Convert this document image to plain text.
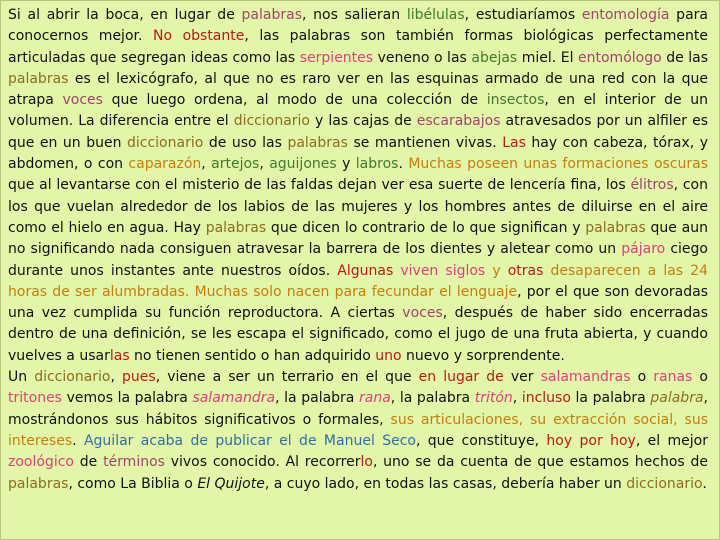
Si al abrir la boca, en lugar de palabras, nos salieran libélulas, estudiaríamos entomología para conocernos mejor. No obstante, las palabras son también formas biológicas perfectamente articuladas que segregan ideas como las serpientes veneno o las abejas miel. El entomólogo de las palabras es el lexicógrafo, al que no es raro ver en las esquinas armado de una red con la que atrapa voces que luego ordena, al modo de una colección de insectos, en el interior de un volumen. La diferencia entre el diccionario y las cajas de escarabajos atravesados por un alfiler es que en un buen diccionario de uso las palabras se mantienen vivas. Las hay con cabeza, tórax, y abdomen, o con caparazón, artejos, aguijones y labros. Muchas poseen unas formaciones oscuras que al levantarse con el misterio de las faldas dejan ver esa suerte de lencería fina, los élitros, con los que vuelan alrededor de los labios de las mujeres y los hombres antes de diluirse en el aire como el hielo en agua. Hay palabras que dicen lo contrario de lo que significan y palabras que aun no significando nada consiguen atravesar la barrera de los dientes y aletear como un pájaro ciego durante unos instantes ante nuestros oídos. Algunas viven siglos y otras desaparecen a las 24 horas de ser alumbradas. Muchas solo nacen para fecundar el lenguaje, por el que son devoradas una vez cumplida su función reproductora. A ciertas voces, después de haber sido encerradas dentro de una definición, se les escapa el significado, como el jugo de una fruta abierta, y cuando vuelves a usarlas no tienen sentido o han adquirido uno nuevo y sorprendente.

Un diccionario, pues, viene a ser un terrario en el que en lugar de ver salamandras o ranas o tritones vemos la palabra salamandra, la palabra rana, la palabra tritón, incluso la palabra palabra, mostrándonos sus hábitos significativos o formales, sus articulaciones, su extracción social, sus intereses. Aguilar acaba de publicar el de Manuel Seco, que constituye, hoy por hoy, el mejor zoológico de términos vivos conocido. Al recorrerlo, uno se da cuenta de que estamos hechos de palabras, como La Biblia o El Quijote, a cuyo lado, en todas las casas, debería haber un diccionario.
